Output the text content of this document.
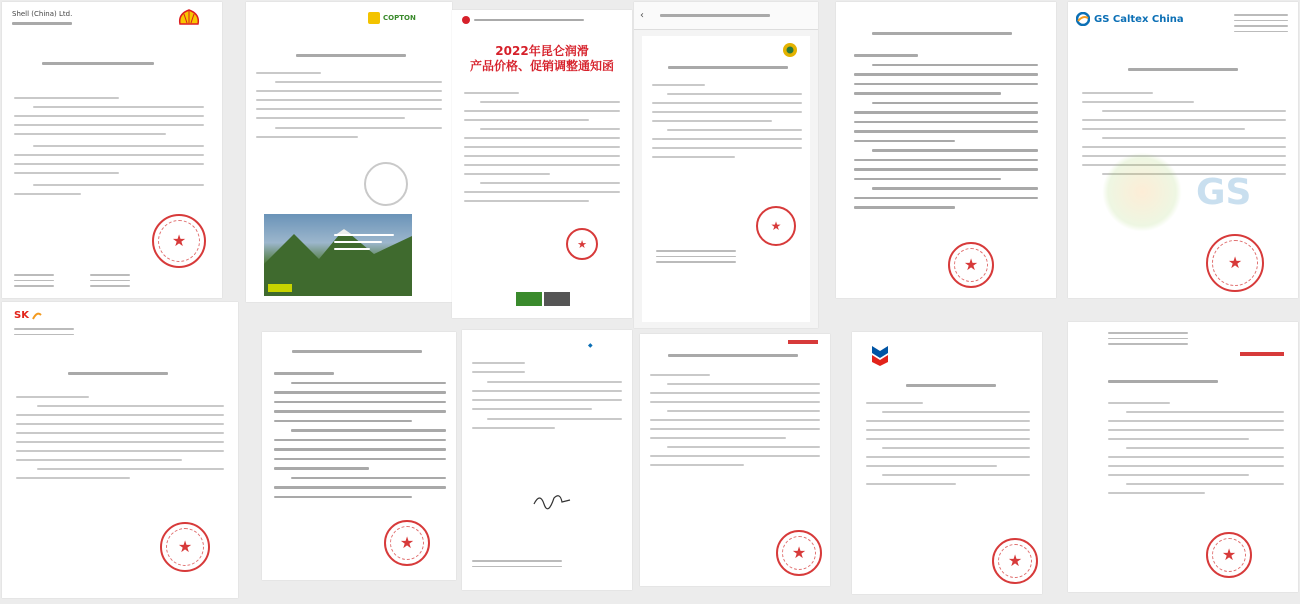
Shell (China) Ltd.
★
COPTON
2022年昆仑润滑
产品价格、促销调整通知函
★
‹
★
★
GS Caltex China
GS
★
SK
★	★
◆
★	★	★
